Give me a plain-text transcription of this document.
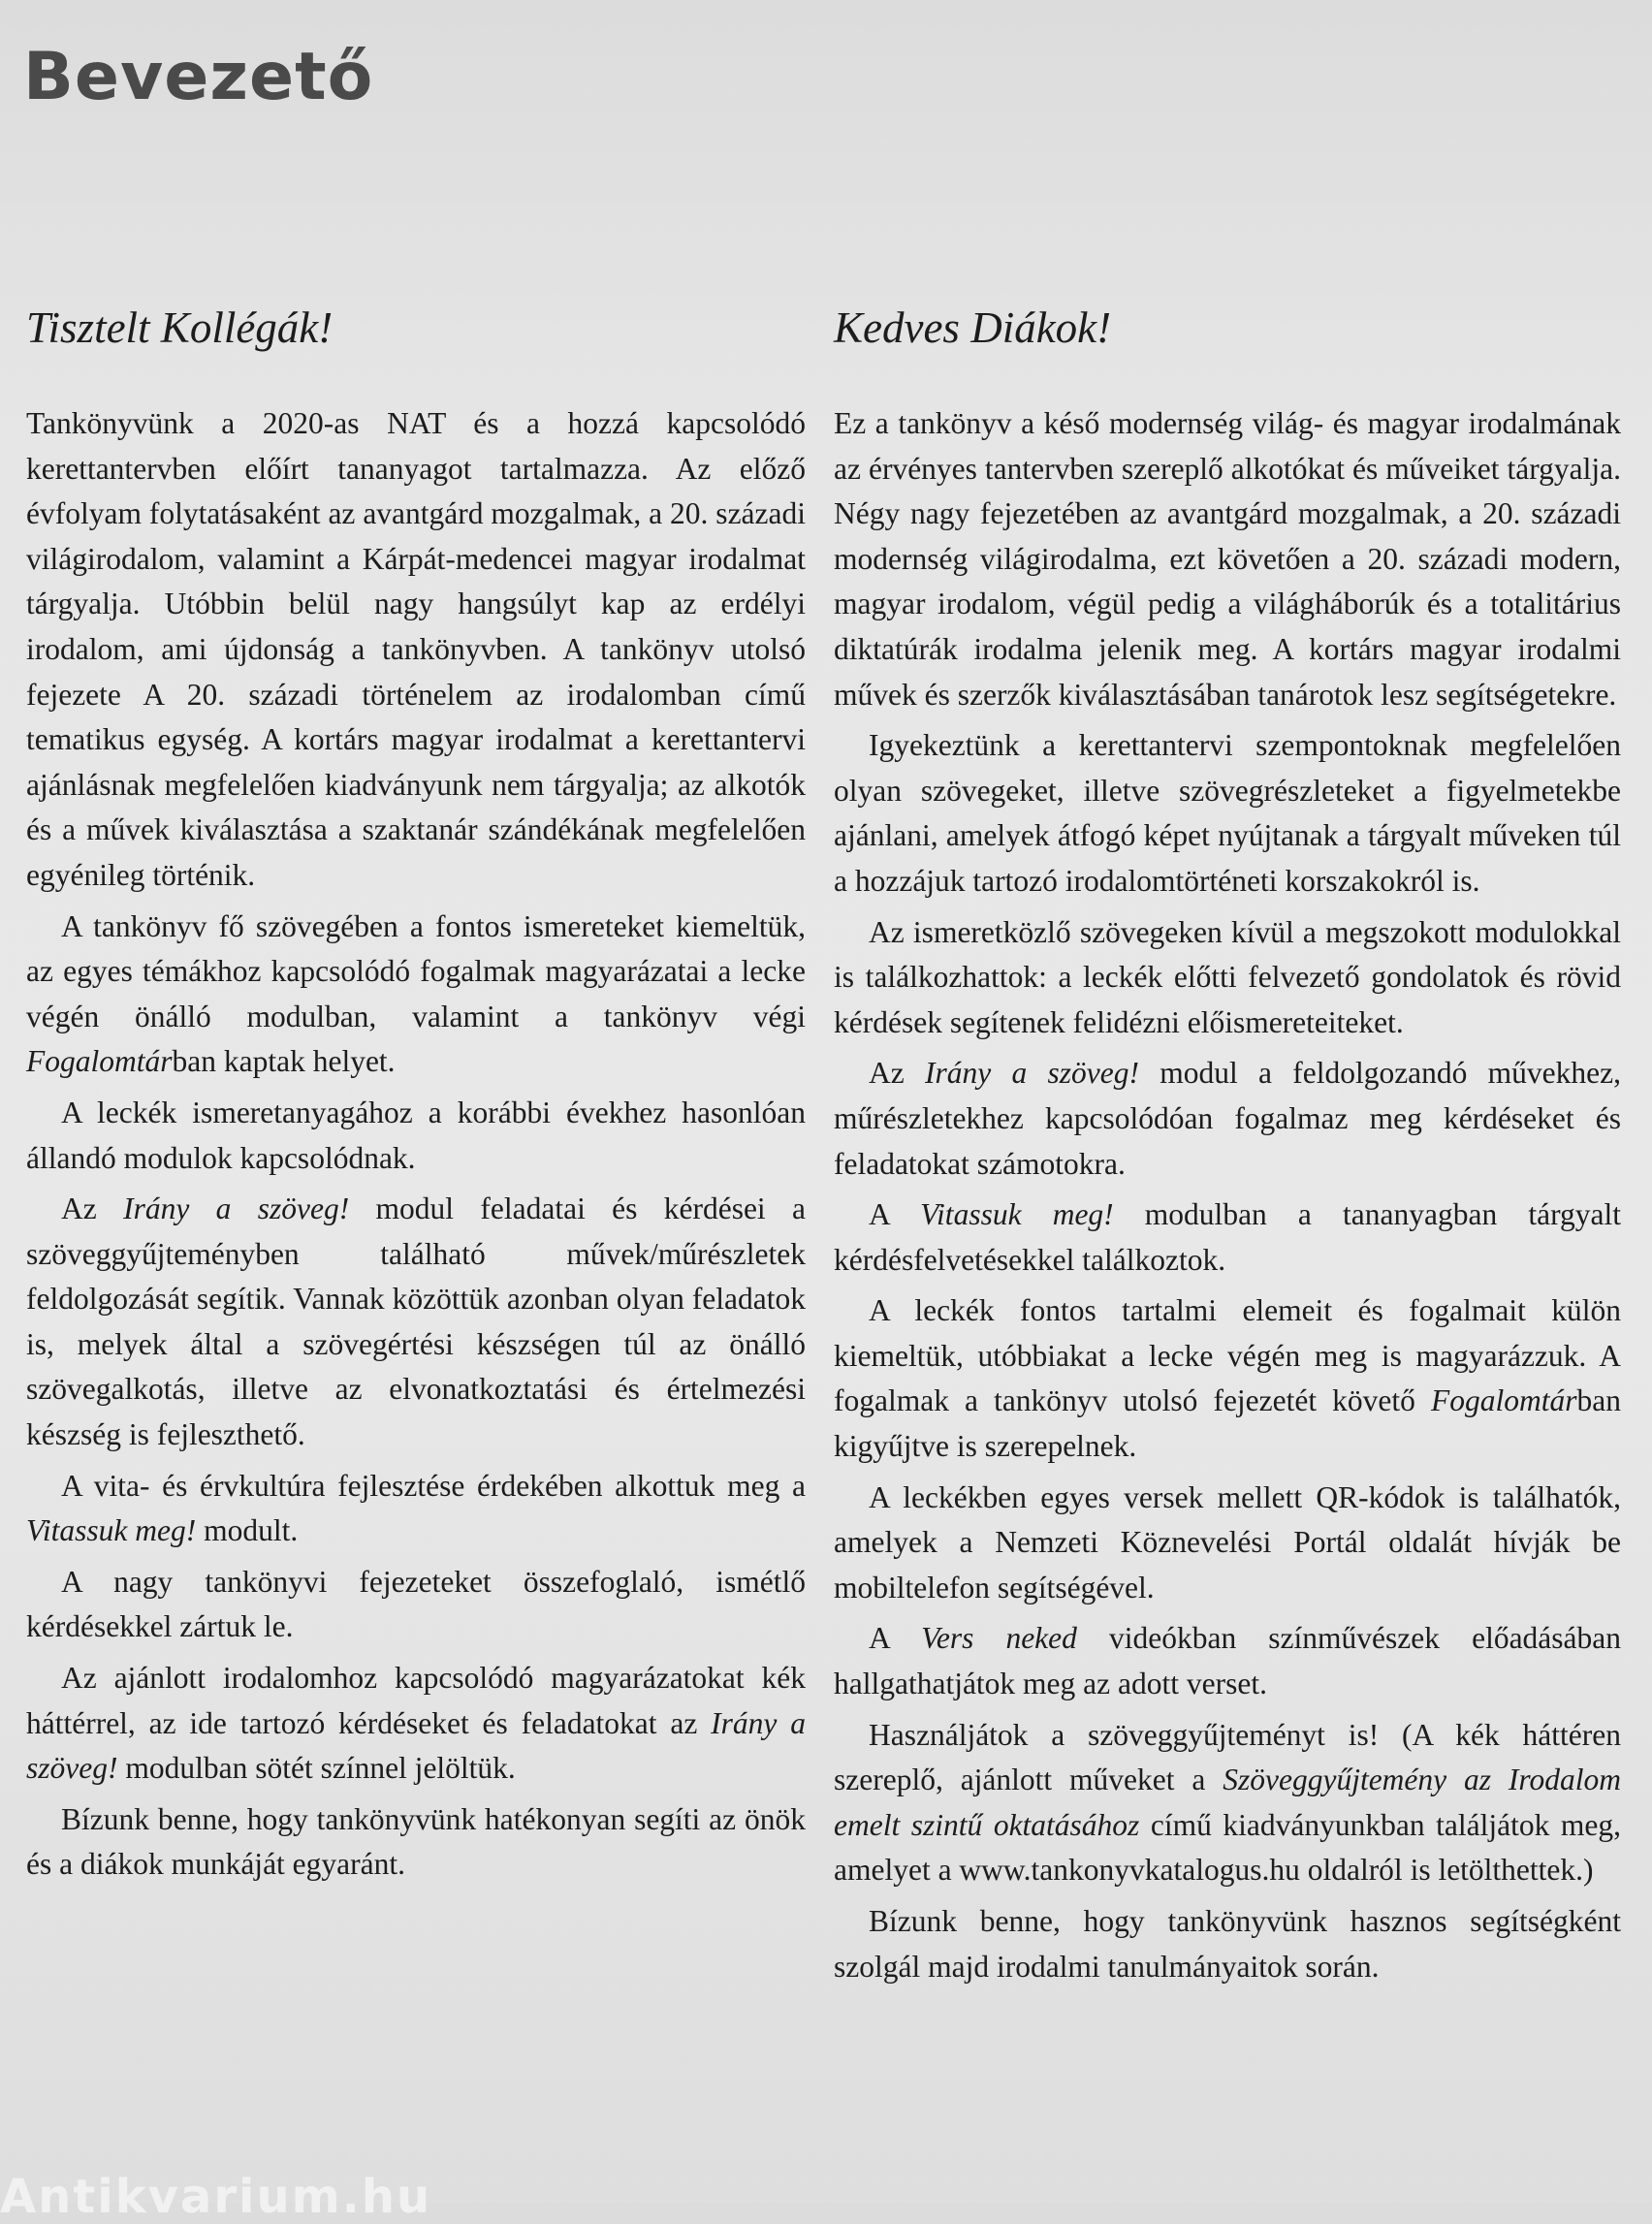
Bevezető
Tisztelt Kollégák!

Tankönyvünk a 2020-as NAT és a hozzá kapcsolódó kerettantervben előírt tananyagot tartalmazza. Az előző évfolyam folytatásaként az avantgárd mozgalmak, a 20. századi világirodalom, valamint a Kárpát-medencei magyar irodalmat tárgyalja. Utóbbin belül nagy hangsúlyt kap az erdélyi irodalom, ami újdonság a tankönyvben. A tankönyv utolsó fejezete A 20. századi történelem az irodalomban című tematikus egység. A kortárs magyar irodalmat a kerettantervi ajánlásnak megfelelően kiadványunk nem tárgyalja; az alkotók és a művek kiválasztása a szaktanár szándékának megfelelően egyénileg történik.

A tankönyv fő szövegében a fontos ismereteket kiemeltük, az egyes témákhoz kapcsolódó fogalmak magyarázatai a lecke végén önálló modulban, valamint a tankönyv végi Fogalomtárban kaptak helyet.

A leckék ismeretanyagához a korábbi évekhez hasonlóan állandó modulok kapcsolódnak.

Az Irány a szöveg! modul feladatai és kérdései a szöveggyűjteményben található művek/műrészletek feldolgozását segítik. Vannak közöttük azonban olyan feladatok is, melyek által a szövegértési készségen túl az önálló szövegalkotás, illetve az elvonatkoztatási és értelmezési készség is fejleszthető.

A vita- és érvkultúra fejlesztése érdekében alkottuk meg a Vitassuk meg! modult.

A nagy tankönyvi fejezeteket összefoglaló, ismétlő kérdésekkel zártuk le.

Az ajánlott irodalomhoz kapcsolódó magyarázatokat kék háttérrel, az ide tartozó kérdéseket és feladatokat az Irány a szöveg! modulban sötét színnel jelöltük.

Bízunk benne, hogy tankönyvünk hatékonyan segíti az önök és a diákok munkáját egyaránt.

Kedves Diákok!

Ez a tankönyv a késő modernség világ- és magyar irodalmának az érvényes tantervben szereplő alkotókat és műveiket tárgyalja. Négy nagy fejezetében az avantgárd mozgalmak, a 20. századi modernség világirodalma, ezt követően a 20. századi modern, magyar irodalom, végül pedig a világháborúk és a totalitárius diktatúrák irodalma jelenik meg. A kortárs magyar irodalmi művek és szerzők kiválasztásában tanárotok lesz segítségetekre.

Igyekeztünk a kerettantervi szempontoknak megfelelően olyan szövegeket, illetve szövegrészleteket a figyelmetekbe ajánlani, amelyek átfogó képet nyújtanak a tárgyalt műveken túl a hozzájuk tartozó irodalomtörténeti korszakokról is.

Az ismeretközlő szövegeken kívül a megszokott modulokkal is találkozhattok: a leckék előtti felvezető gondolatok és rövid kérdések segítenek felidézni előismereteiteket.

Az Irány a szöveg! modul a feldolgozandó művekhez, műrészletekhez kapcsolódóan fogalmaz meg kérdéseket és feladatokat számotokra.

A Vitassuk meg! modulban a tananyagban tárgyalt kérdésfelvetésekkel találkoztok.

A leckék fontos tartalmi elemeit és fogalmait külön kiemeltük, utóbbiakat a lecke végén meg is magyarázzuk. A fogalmak a tankönyv utolsó fejezetét követő Fogalomtárban kigyűjtve is szerepelnek.

A leckékben egyes versek mellett QR-kódok is találhatók, amelyek a Nemzeti Köznevelési Portál oldalát hívják be mobiltelefon segítségével.

A Vers neked videókban színművészek előadásában hallgathatjátok meg az adott verset.

Használjátok a szöveggyűjteményt is! (A kék háttéren szereplő, ajánlott műveket a Szöveggyűjtemény az Irodalom emelt szintű oktatásához című kiadványunkban találjátok meg, amelyet a www.tankonyvkatalogus.hu oldalról is letölthettek.)

Bízunk benne, hogy tankönyvünk hasznos segítségként szolgál majd irodalmi tanulmányaitok során.

Antikvarium.hu
